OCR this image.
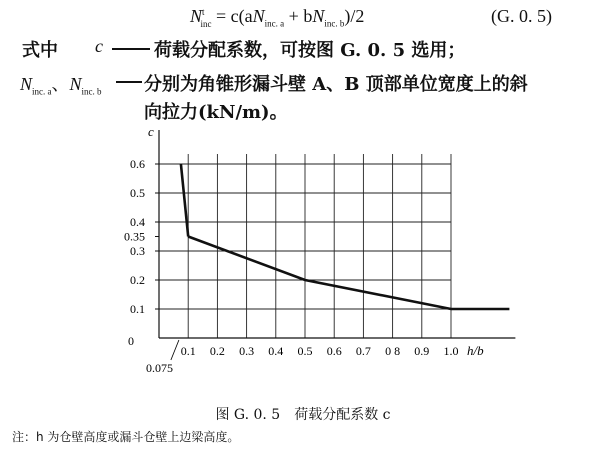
$N^t_{inc} = c(aN_{inc. a} + bN_{inc. b})/2$	(G. 0. 5)
式中 c	荷载分配系数，可按图 G. 0. 5 选用；
$N_{inc. a}$、$N_{inc. b}$ 分别为角锥形漏斗壁 A、B 顶部单位宽度上的斜
向拉力(kN/m)。
0.1
0.2
0.3
0.35
0.4
0.5
0.6
0.1 0.2 0.3 0.4 0.5 0.6 0.7 0 8 0.9 1.0
c
h/b
0
0.075
图 G. 0. 5　荷载分配系数 c
注：h 为仓壁高度或漏斗仓壁上边梁高度。
